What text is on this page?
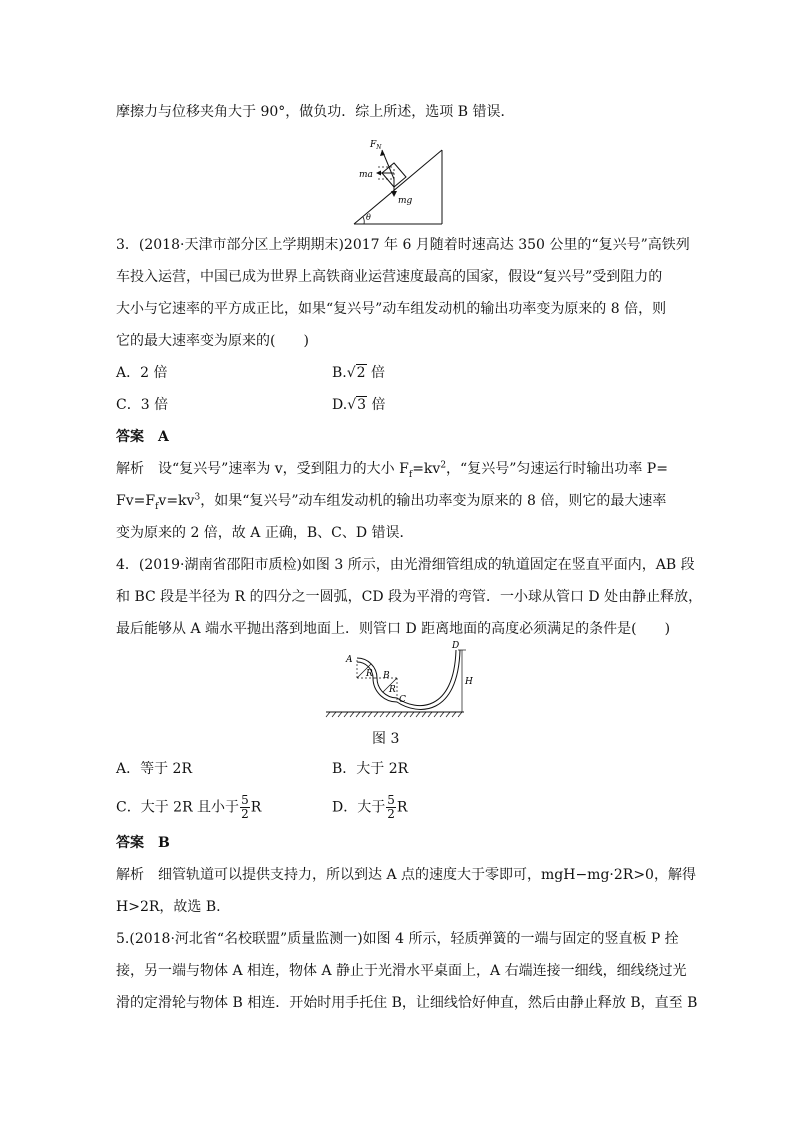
摩擦力与位移夹角大于 90°，做负功．综上所述，选项 B 错误．
$F_N$
ma
mg
θ
3．(2018·天津市部分区上学期期末)2017 年 6 月随着时速高达 350 公里的“复兴号”高铁列
车投入运营，中国已成为世界上高铁商业运营速度最高的国家，假设“复兴号”受到阻力的
大小与它速率的平方成正比，如果“复兴号”动车组发动机的输出功率变为原来的 8 倍，则
它的最大速率变为原来的(　　)
A．2 倍	B.√2 倍
C．3 倍	D.√3 倍
答案　A
解析　设“复兴号”速率为 v，受到阻力的大小 $F_f=kv^2$，“复兴号”匀速运行时输出功率 P=
$Fv=F_fv=kv^3$，如果“复兴号”动车组发动机的输出功率变为原来的 8 倍，则它的最大速率
变为原来的 2 倍，故 A 正确，B、C、D 错误．
4．(2019·湖南省邵阳市质检)如图 3 所示，由光滑细管组成的轨道固定在竖直平面内，AB 段
和 BC 段是半径为 R 的四分之一圆弧，CD 段为平滑的弯管．一小球从管口 D 处由静止释放，
最后能够从 A 端水平抛出落到地面上．则管口 D 距离地面的高度必须满足的条件是(　　)
A
B
C
D
R
R
H
图 3
A．等于 2R	B．大于 2R
C．大于 2R 且小于 $\frac{5}{2}$ R	D．大于 $\frac{5}{2}$ R
答案　B
解析　细管轨道可以提供支持力，所以到达 A 点的速度大于零即可，mgH−mg·2R>0，解得
H>2R，故选 B.
5.(2018·河北省“名校联盟”质量监测一)如图 4 所示，轻质弹簧的一端与固定的竖直板 P 拴
接，另一端与物体 A 相连，物体 A 静止于光滑水平桌面上，A 右端连接一细线，细线绕过光
滑的定滑轮与物体 B 相连．开始时用手托住 B，让细线恰好伸直，然后由静止释放 B，直至 B
